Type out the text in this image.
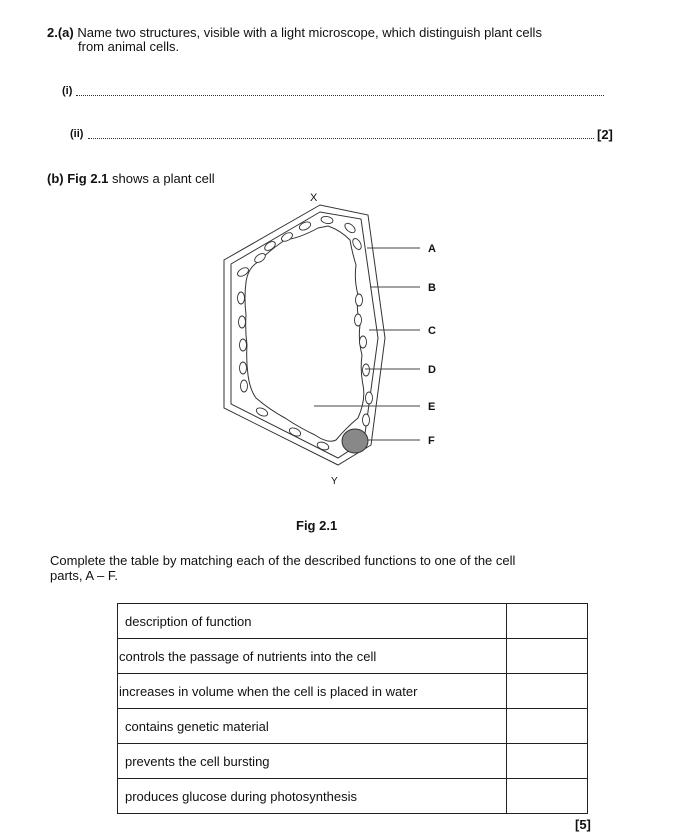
2.(a) Name two structures, visible with a light microscope, which distinguish plant cells
from animal cells.
(i)
(ii)	[2]
(b) Fig 2.1 shows a plant cell
A
B
C
D
E
F
X
Y
Fig 2.1
Complete the table by matching each of the described functions to one of the cell
parts, A – F.
description of function	
controls the passage of nutrients into the cell	
increases in volume when the cell is placed in water	
contains genetic material	
prevents the cell bursting	
produces glucose during photosynthesis	
[5]
